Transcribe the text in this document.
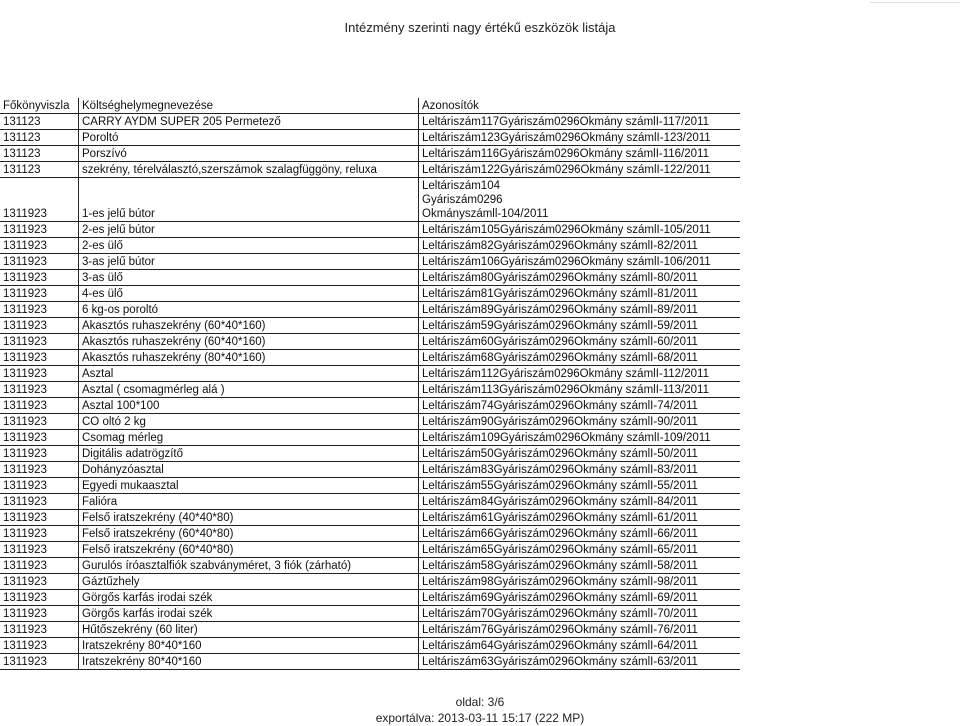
Intézmény szerinti nagy értékű eszközök listája
Főkönyviszla	Költséghelymegnevezése	Azonosítók
131123	CARRY AYDM SUPER 205 Permetező	Leltáriszám117Gyáriszám0296Okmány számlI-117/2011
131123	Poroltó	Leltáriszám123Gyáriszám0296Okmány számlI-123/2011
131123	Porszívó	Leltáriszám116Gyáriszám0296Okmány számlI-116/2011
131123	szekrény, térelválasztó,szerszámok szalagfüggöny, reluxa	Leltáriszám122Gyáriszám0296Okmány számlI-122/2011
1311923	1-es jelű bútor	Leltáriszám104
Gyáriszám0296
Okmányszámll-104/2011

1311923	2-es jelű bútor	Leltáriszám105Gyáriszám0296Okmány számlI-105/2011
1311923	2-es ülő	Leltáriszám82Gyáriszám0296Okmány számlI-82/2011
1311923	3-as jelű bútor	Leltáriszám106Gyáriszám0296Okmány számlI-106/2011
1311923	3-as ülő	Leltáriszám80Gyáriszám0296Okmány számlI-80/2011
1311923	4-es ülő	Leltáriszám81Gyáriszám0296Okmány számlI-81/2011
1311923	6 kg-os poroltó	Leltáriszám89Gyáriszám0296Okmány számlI-89/2011
1311923	Akasztós ruhaszekrény (60*40*160)	Leltáriszám59Gyáriszám0296Okmány számlI-59/2011
1311923	Akasztós ruhaszekrény (60*40*160)	Leltáriszám60Gyáriszám0296Okmány számlI-60/2011
1311923	Akasztós ruhaszekrény (80*40*160)	Leltáriszám68Gyáriszám0296Okmány számlI-68/2011
1311923	Asztal	Leltáriszám112Gyáriszám0296Okmány számlI-112/2011
1311923	Asztal ( csomagmérleg alá )	Leltáriszám113Gyáriszám0296Okmány számlI-113/2011
1311923	Asztal 100*100	Leltáriszám74Gyáriszám0296Okmány számlI-74/2011
1311923	CO oltó 2 kg	Leltáriszám90Gyáriszám0296Okmány számlI-90/2011
1311923	Csomag mérleg	Leltáriszám109Gyáriszám0296Okmány számlI-109/2011
1311923	Digitális adatrögzítő	Leltáriszám50Gyáriszám0296Okmány számlI-50/2011
1311923	Dohányzóasztal	Leltáriszám83Gyáriszám0296Okmány számlI-83/2011
1311923	Egyedi mukaasztal	Leltáriszám55Gyáriszám0296Okmány számlI-55/2011
1311923	Falióra	Leltáriszám84Gyáriszám0296Okmány számlI-84/2011
1311923	Felső iratszekrény (40*40*80)	Leltáriszám61Gyáriszám0296Okmány számlI-61/2011
1311923	Felső iratszekrény (60*40*80)	Leltáriszám66Gyáriszám0296Okmány számlI-66/2011
1311923	Felső iratszekrény (60*40*80)	Leltáriszám65Gyáriszám0296Okmány számlI-65/2011
1311923	Gurulós íróasztalfiók szabványméret, 3 fiók (zárható)	Leltáriszám58Gyáriszám0296Okmány számlI-58/2011
1311923	Gáztűzhely	Leltáriszám98Gyáriszám0296Okmány számlI-98/2011
1311923	Görgős karfás irodai szék	Leltáriszám69Gyáriszám0296Okmány számlI-69/2011
1311923	Görgős karfás irodai szék	Leltáriszám70Gyáriszám0296Okmány számlI-70/2011
1311923	Hűtőszekrény (60 liter)	Leltáriszám76Gyáriszám0296Okmány számlI-76/2011
1311923	Iratszekrény 80*40*160	Leltáriszám64Gyáriszám0296Okmány számlI-64/2011
1311923	Iratszekrény 80*40*160	Leltáriszám63Gyáriszám0296Okmány számlI-63/2011
oldal: 3/6
exportálva: 2013-03-11 15:17 (222 MP)
